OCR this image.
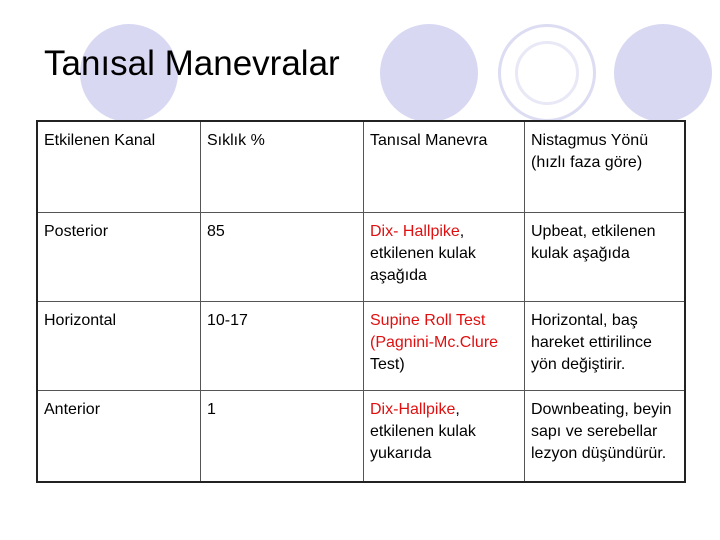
Tanısal Manevralar
Etkilenen Kanal	Sıklık %	Tanısal Manevra	Nistagmus Yönü (hızlı faza göre)
Posterior	85	Dix- Hallpike, etkilenen kulak aşağıda	Upbeat, etkilenen kulak aşağıda
Horizontal	10-17	Supine Roll Test (Pagnini-Mc.Clure Test)	Horizontal, baş hareket ettirilince yön değiştirir.
Anterior	1	Dix-Hallpike, etkilenen kulak yukarıda	Downbeating, beyin sapı ve serebellar lezyon düşündürür.
